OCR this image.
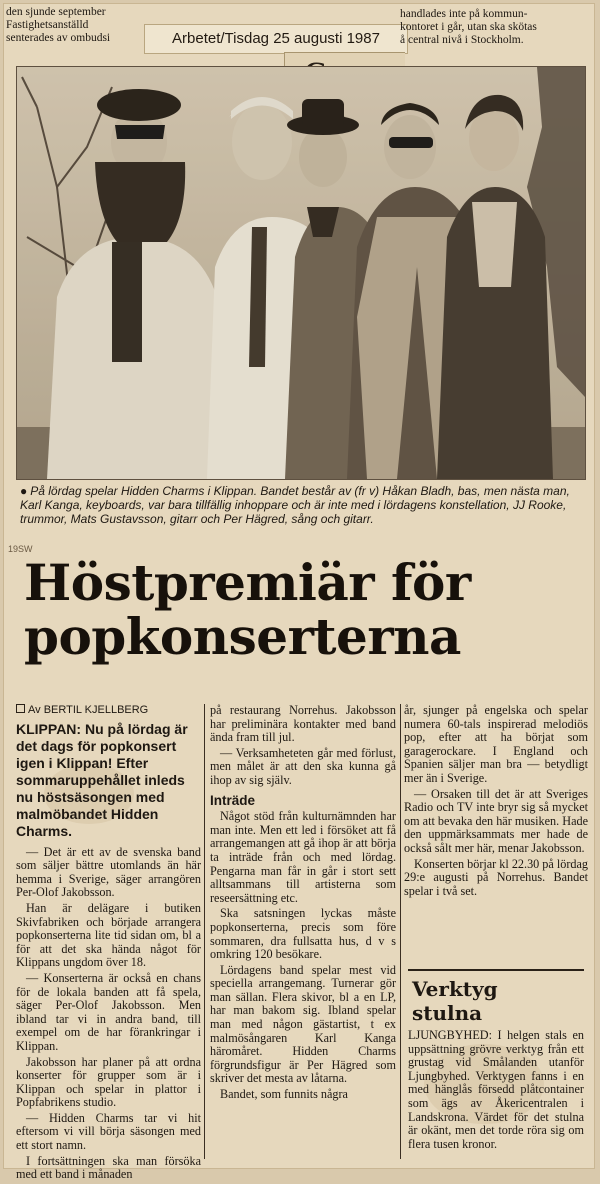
den sjunde september
Fastighetsanställd
senterades av ombudsi	Arbetet/Tisdag 25 augusti 1987
handlades inte på kommun-
kontoret i går, utan ska skötas
å central nivå i Stockholm.
● På lördag spelar Hidden Charms i Klippan. Bandet består av (fr v) Håkan Bladh, bas, men nästa man, Karl Kanga, keyboards, var bara tillfällig inhoppare och är inte med i lördagens konstellation, JJ Rooke, trummor, Mats Gustavsson, gitarr och Per Hägred, sång och gitarr.
19SW
Höstpremiär för
popkonserterna
Av BERTIL KJELLBERG
KLIPPAN: Nu på lördag är det dags för popkonsert igen i Klippan! Efter sommaruppehållet inleds nu höstsäsongen med malmöbandet Hidden Charms.

— Det är ett av de svenska band som säljer bättre utomlands än här hemma i Sverige, säger arrangören Per-Olof Jakobsson.

Han är delägare i butiken Skivfabriken och började arrangera popkonserterna lite tid sidan om, bl a för att det ska hända något för Klippans ungdom över 18.

— Konserterna är också en chans för de lokala banden att få spela, säger Per-Olof Jakobsson. Men ibland tar vi in andra band, till exempel om de har förankringar i Klippan.

Jakobsson har planer på att ordna konserter för grupper som är i Klippan och spelar in plattor i Popfabrikens studio.

— Hidden Charms tar vi hit eftersom vi vill börja säsongen med ett stort namn.

I fortsättningen ska man försöka med ett band i månaden

på restaurang Norrehus. Jakobsson har preliminära kontakter med band ända fram till jul.

— Verksamheteten går med förlust, men målet är att den ska kunna gå ihop av sig själv.

Inträde

Något stöd från kulturnämnden har man inte. Men ett led i försöket att få arrangemangen att gå ihop är att börja ta inträde från och med lördag. Pengarna man får in går i stort sett alltsammans till artisterna som reseersättning etc.

Ska satsningen lyckas måste popkonserterna, precis som före sommaren, dra fullsatta hus, d v s omkring 120 besökare.

Lördagens band spelar mest vid speciella arrangemang. Turnerar gör man sällan. Flera skivor, bl a en LP, har man bakom sig. Ibland spelar man med någon gästartist, t ex malmösångaren Karl Kanga häromåret. Hidden Charms förgrundsfigur är Per Hägred som skriver det mesta av låtarna.

Bandet, som funnits några

år, sjunger på engelska och spelar numera 60-tals inspirerad melodiös pop, efter att ha börjat som garagerockare. I England och Spanien säljer man bra — betydligt mer än i Sverige.

— Orsaken till det är att Sveriges Radio och TV inte bryr sig så mycket om att bevaka den här musiken. Hade den uppmärksammats mer hade de också sålt mer här, menar Jakobsson.

Konserten börjar kl 22.30 på lördag 29:e augusti på Norrehus. Bandet spelar i två set.

Verktyg
stulna
LJUNGBYHED: I helgen stals en uppsättning grövre verktyg från ett grustag vid Smålanden utanför Ljungbyhed. Verktygen fanns i en med hänglås försedd plåtcontainer som ägs av Åkericentralen i Landskrona. Värdet för det stulna är okänt, men det torde röra sig om flera tusen kronor.
